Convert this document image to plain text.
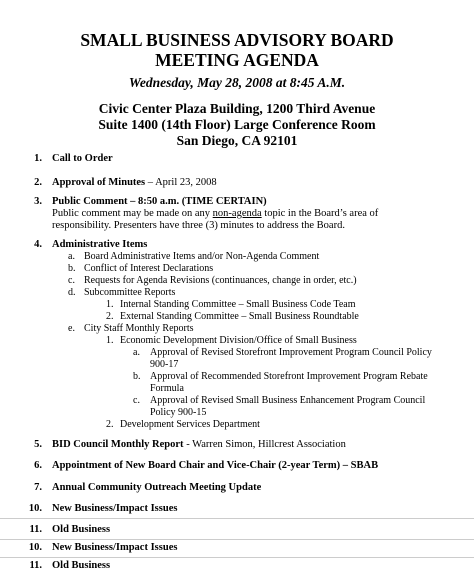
SMALL BUSINESS ADVISORY BOARD
MEETING AGENDA
Wednesday, May 28, 2008 at 8:45 A.M.
Civic Center Plaza Building, 1200 Third Avenue
Suite 1400 (14th Floor) Large Conference Room
San Diego, CA 92101
1. Call to Order
2. Approval of Minutes – April 23, 2008
3. Public Comment – 8:50 a.m. (TIME CERTAIN)
Public comment may be made on any non-agenda topic in the Board’s area of
responsibility. Presenters have three (3) minutes to address the Board.
4. Administrative Items
a. Board Administrative Items and/or Non-Agenda Comment
b. Conflict of Interest Declarations
c. Requests for Agenda Revisions (continuances, change in order, etc.)
d. Subcommittee Reports
1. Internal Standing Committee – Small Business Code Team
2. External Standing Committee – Small Business Roundtable
e. City Staff Monthly Reports
1. Economic Development Division/Office of Small Business
a. Approval of Revised Storefront Improvement Program Council Policy
900-17
b. Approval of Recommended Storefront Improvement Program Rebate
Formula
c. Approval of Revised Small Business Enhancement Program Council
Policy 900-15
2. Development Services Department
5. BID Council Monthly Report - Warren Simon, Hillcrest Association
6. Appointment of New Board Chair and Vice-Chair (2-year Term) – SBAB
7. Annual Community Outreach Meeting Update
10. New Business/Impact Issues
11. Old Business
10. New Business/Impact Issues
11. Old Business
